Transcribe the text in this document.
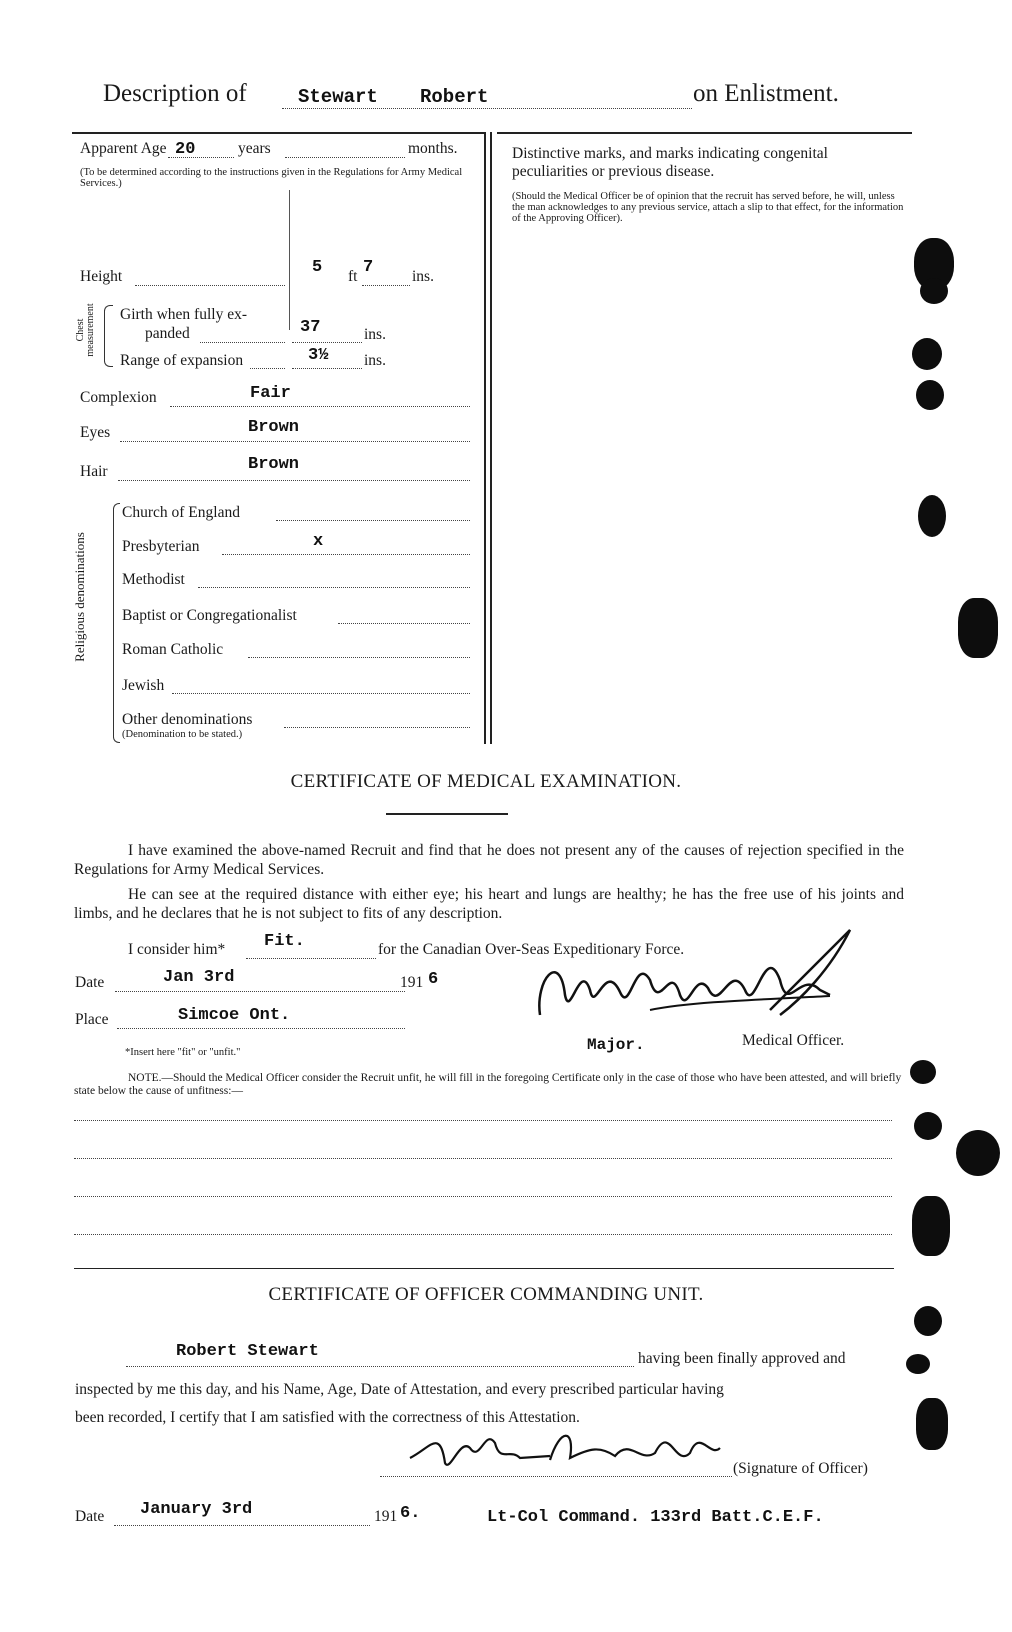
Description of	Stewart Robert	on Enlistment.
Apparent Age 20	years	months.
(To be determined according to the instructions given in the Regulations for Army Medical Services.)
Height	5 ft 7	ins.
Chest measurement Girth when fully ex-
panded	37	ins.
Range of expansion	3½ ins.
Complexion	Fair
Eyes	Brown
Hair	Brown
Religious denominations
Church of England
Presbyterian	x
Methodist
Baptist or Congregationalist
Roman Catholic
Jewish
Other denominations
(Denomination to be stated.)
Distinctive marks, and marks indicating congenital peculiarities or previous disease.
(Should the Medical Officer be of opinion that the recruit has served before, he will, unless the man acknowledges to any previous service, attach a slip to that effect, for the information of the Approving Officer).
CERTIFICATE OF MEDICAL EXAMINATION.
I have examined the above-named Recruit and find that he does not present any of the causes of rejection specified in the Regulations for Army Medical Services.
He can see at the required distance with either eye; his heart and lungs are healthy; he has the free use of his joints and limbs, and he declares that he is not subject to fits of any description.
I consider him* Fit.	for the Canadian Over-Seas Expeditionary Force.
Date	Jan 3rd	191 6
Place	Simcoe Ont.
Major.	Medical Officer.
*Insert here "fit" or "unfit."
NOTE.—Should the Medical Officer consider the Recruit unfit, he will fill in the foregoing Certificate only in the case of those who have been attested, and will briefly state below the cause of unfitness:—
CERTIFICATE OF OFFICER COMMANDING UNIT.
Robert Stewart	having been finally approved and
inspected by me this day, and his Name, Age, Date of Attestation, and every prescribed particular having
been recorded, I certify that I am satisfied with the correctness of this Attestation.
(Signature of Officer)
Date January 3rd	191 6.	Lt-Col Command. 133rd Batt.C.E.F.
